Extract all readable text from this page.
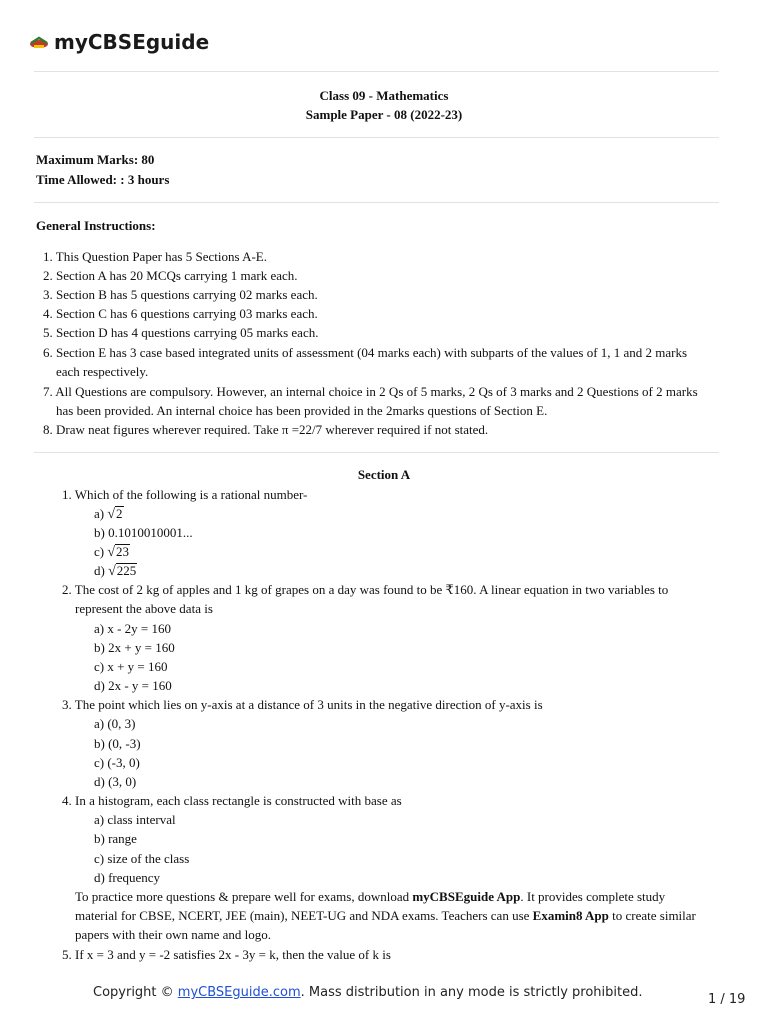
myCBSEguide
Class 09 - Mathematics
Sample Paper - 08 (2022-23)
Maximum Marks: 80
Time Allowed: : 3 hours
General Instructions:
1. This Question Paper has 5 Sections A-E.
2. Section A has 20 MCQs carrying 1 mark each.
3. Section B has 5 questions carrying 02 marks each.
4. Section C has 6 questions carrying 03 marks each.
5. Section D has 4 questions carrying 05 marks each.
6. Section E has 3 case based integrated units of assessment (04 marks each) with subparts of the values of 1, 1 and 2 marks
each respectively.
7. All Questions are compulsory. However, an internal choice in 2 Qs of 5 marks, 2 Qs of 3 marks and 2 Questions of 2 marks
has been provided. An internal choice has been provided in the 2marks questions of Section E.
8. Draw neat figures wherever required. Take π =22/7 wherever required if not stated.
Section A
1. Which of the following is a rational number-
a) √2
b) 0.1010010001...
c) √23
d) √225
2. The cost of 2 kg of apples and 1 kg of grapes on a day was found to be ₹160. A linear equation in two variables to
represent the above data is
a) x - 2y = 160
b) 2x + y = 160
c) x + y = 160
d) 2x - y = 160
3. The point which lies on y-axis at a distance of 3 units in the negative direction of y-axis is
a) (0, 3)
b) (0, -3)
c) (-3, 0)
d) (3, 0)
4. In a histogram, each class rectangle is constructed with base as
a) class interval
b) range
c) size of the class
d) frequency
To practice more questions & prepare well for exams, download myCBSEguide App. It provides complete study
material for CBSE, NCERT, JEE (main), NEET-UG and NDA exams. Teachers can use Examin8 App to create similar
papers with their own name and logo.
5. If x = 3 and y = -2 satisfies 2x - 3y = k, then the value of k is
Copyright © myCBSEguide.com. Mass distribution in any mode is strictly prohibited.	1 / 19
